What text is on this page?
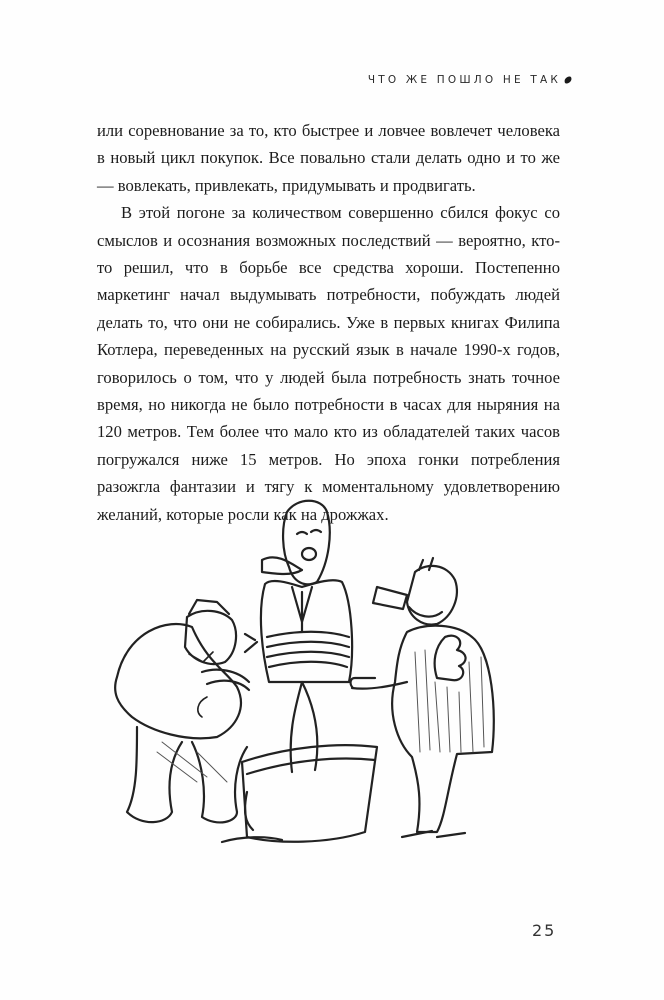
ЧТО ЖЕ ПОШЛО НЕ ТАК

или соревнование за то, кто быстрее и ловчее вовлечет человека в новый цикл покупок. Все повально стали делать одно и то же — вовлекать, привлекать, придумывать и продвигать.

В этой погоне за количеством совершенно сбился фокус со смыслов и осознания возможных последствий — вероятно, кто-то решил, что в борьбе все средства хороши. Постепенно маркетинг начал выдумывать потребности, побуждать людей делать то, что они не собирались. Уже в первых книгах Филипа Котлера, переведенных на русский язык в начале 1990-х годов, говорилось о том, что у людей была потребность знать точное время, но никогда не было потребности в часах для ныряния на 120 метров. Тем более что мало кто из обладателей таких часов погружался ниже 15 метров. Но эпоха гонки потребления разожгла фантазии и тягу к моментальному удовлетворению желаний, которые росли как на дрожжах.

25
